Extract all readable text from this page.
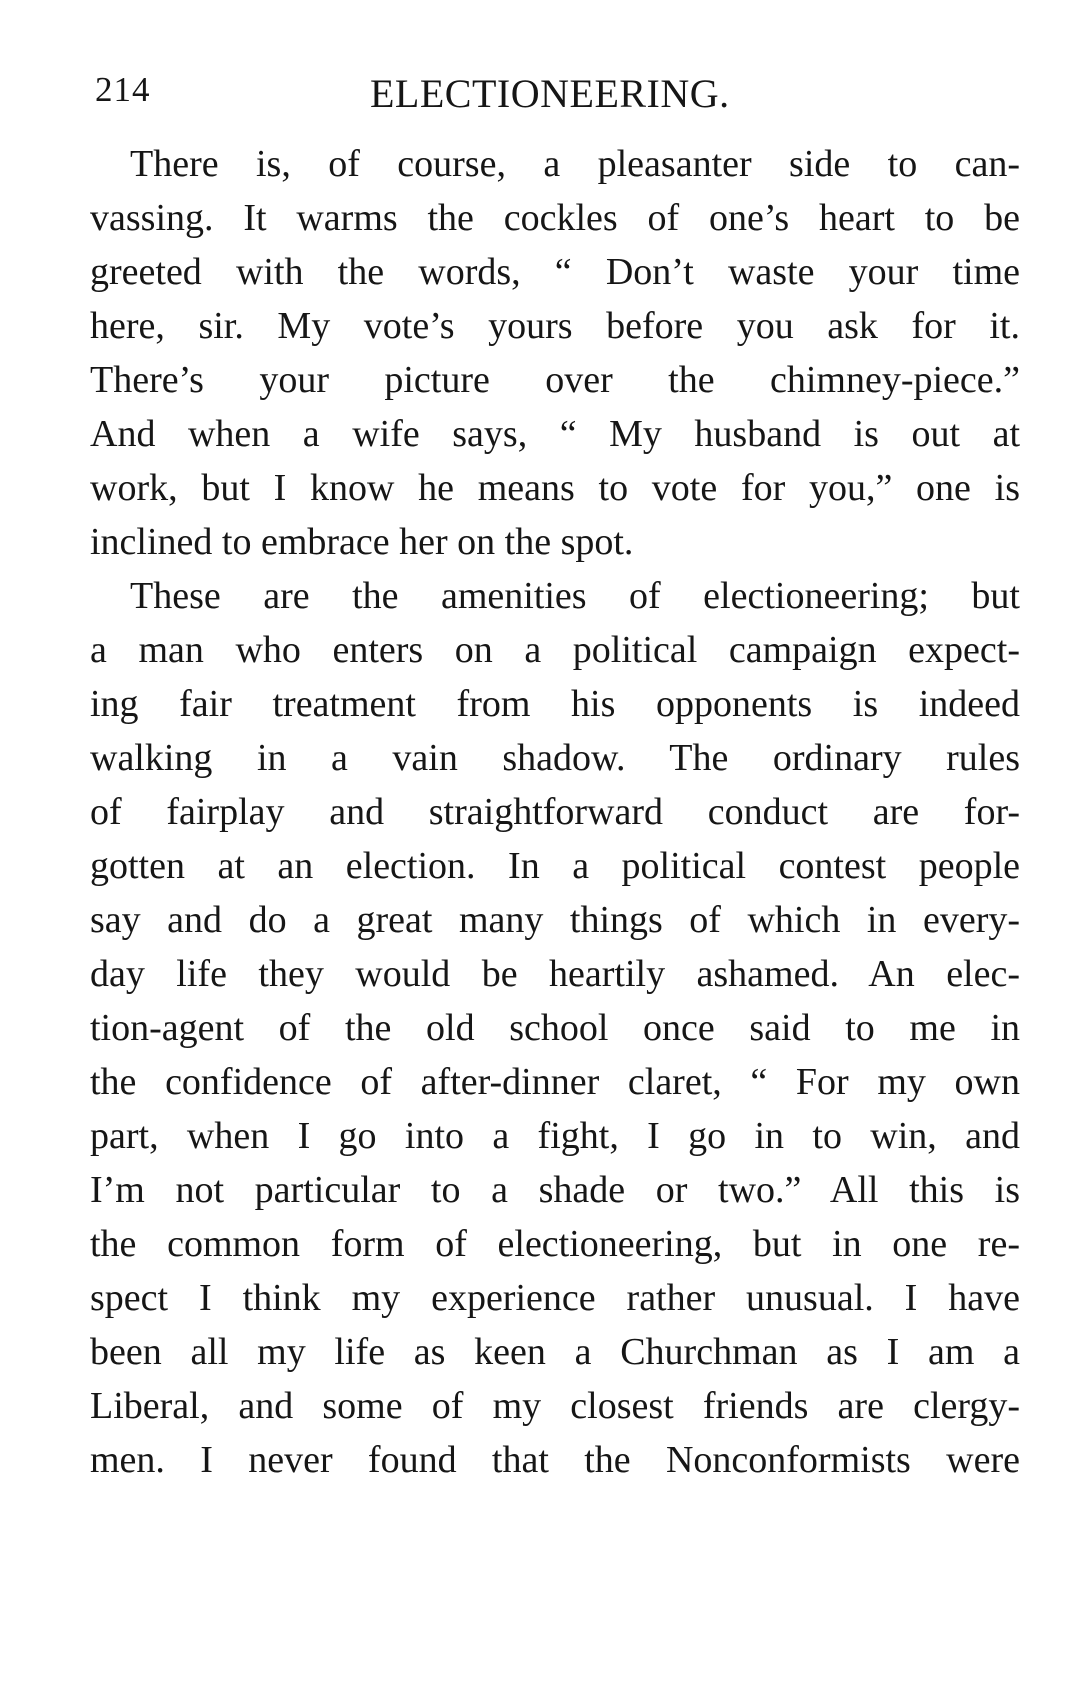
214	ELECTIONEERING.
There is, of course, a pleasanter side to can-
vassing. It warms the cockles of one’s heart to be
greeted with the words, “ Don’t waste your time
here, sir. My vote’s yours before you ask for it.
There’s your picture over the chimney-piece.”
And when a wife says, “ My husband is out at
work, but I know he means to vote for you,” one is
inclined to embrace her on the spot.
These are the amenities of electioneering; but
a man who enters on a political campaign expect-
ing fair treatment from his opponents is indeed
walking in a vain shadow. The ordinary rules
of fairplay and straightforward conduct are for-
gotten at an election. In a political contest people
say and do a great many things of which in every-
day life they would be heartily ashamed. An elec-
tion-agent of the old school once said to me in
the confidence of after-dinner claret, “ For my own
part, when I go into a fight, I go in to win, and
I’m not particular to a shade or two.” All this is
the common form of electioneering, but in one re-
spect I think my experience rather unusual. I have
been all my life as keen a Churchman as I am a
Liberal, and some of my closest friends are clergy-
men. I never found that the Nonconformists were
